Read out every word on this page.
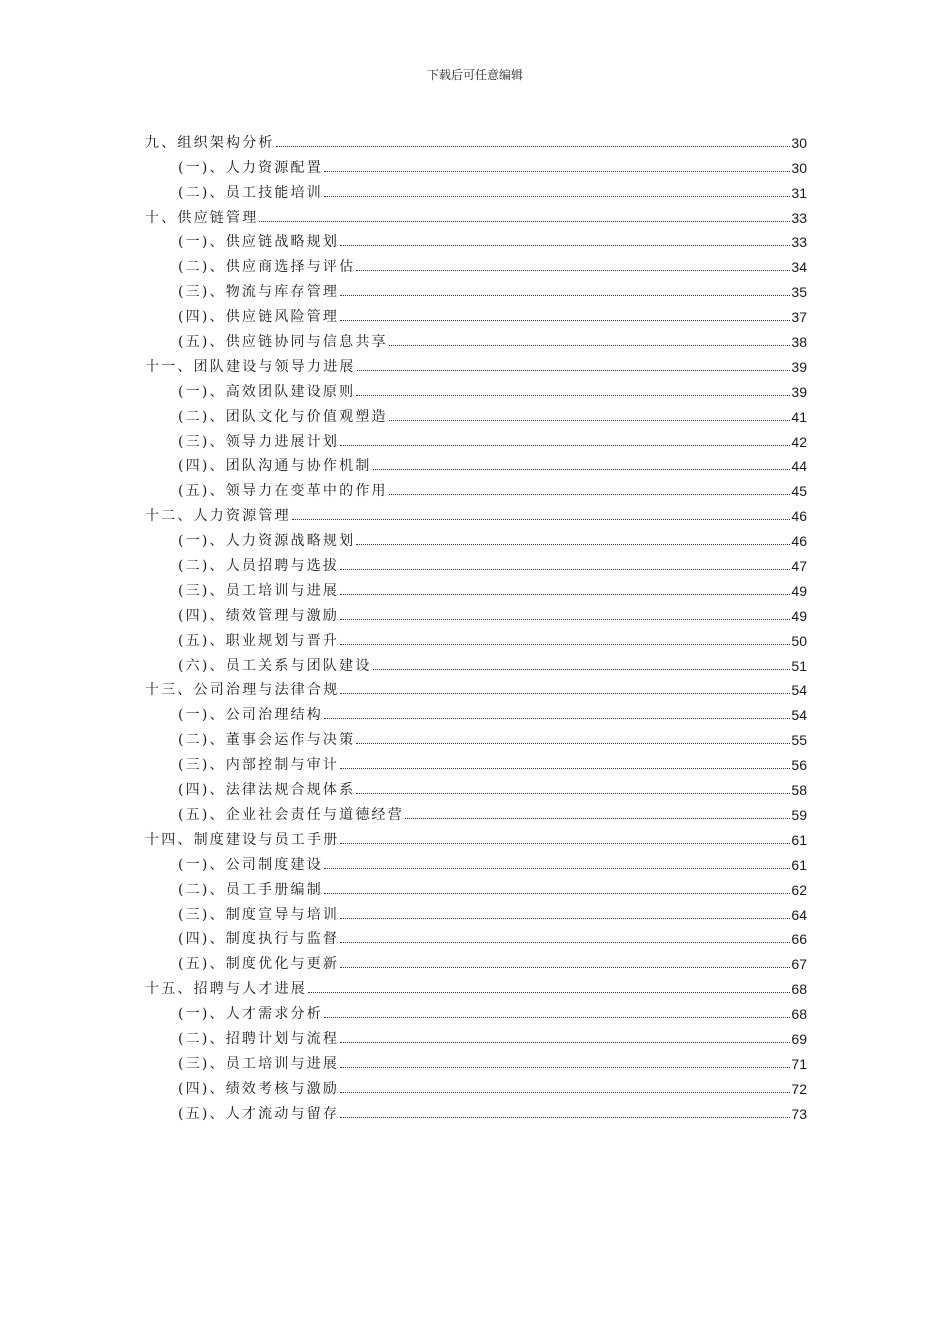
下载后可任意编辑
九、组织架构分析	30
(一)、人力资源配置	30
(二)、员工技能培训	31
十、供应链管理	33
(一)、供应链战略规划	33
(二)、供应商选择与评估	34
(三)、物流与库存管理	35
(四)、供应链风险管理	37
(五)、供应链协同与信息共享	38
十一、团队建设与领导力进展	39
(一)、高效团队建设原则	39
(二)、团队文化与价值观塑造	41
(三)、领导力进展计划	42
(四)、团队沟通与协作机制	44
(五)、领导力在变革中的作用	45
十二、人力资源管理	46
(一)、人力资源战略规划	46
(二)、人员招聘与选拔	47
(三)、员工培训与进展	49
(四)、绩效管理与激励	49
(五)、职业规划与晋升	50
(六)、员工关系与团队建设	51
十三、公司治理与法律合规	54
(一)、公司治理结构	54
(二)、董事会运作与决策	55
(三)、内部控制与审计	56
(四)、法律法规合规体系	58
(五)、企业社会责任与道德经营	59
十四、制度建设与员工手册	61
(一)、公司制度建设	61
(二)、员工手册编制	62
(三)、制度宣导与培训	64
(四)、制度执行与监督	66
(五)、制度优化与更新	67
十五、招聘与人才进展	68
(一)、人才需求分析	68
(二)、招聘计划与流程	69
(三)、员工培训与进展	71
(四)、绩效考核与激励	72
(五)、人才流动与留存	73
